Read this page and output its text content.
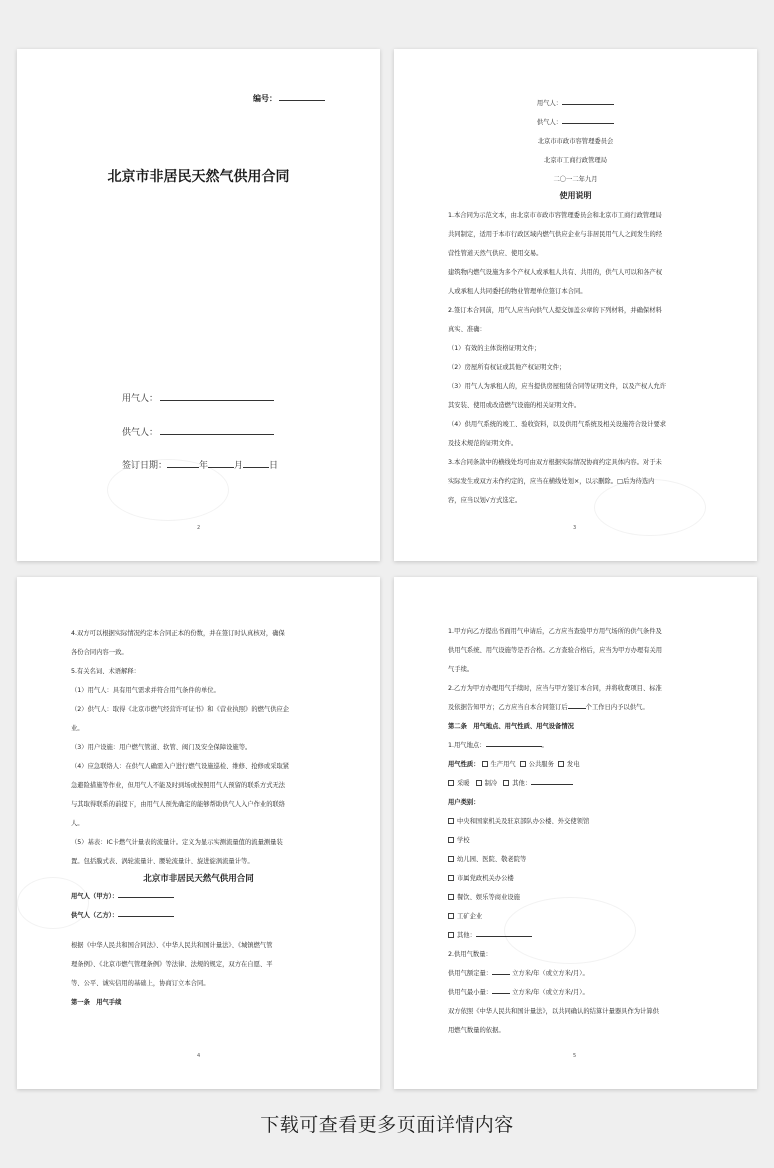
编号：
北京市非居民天然气供用合同
用气人：
供气人：
签订日期：	年	月	日
2

用气人：

供气人：

北京市市政市容管理委员会

北京市工商行政管理局

二〇一二年九月

使用说明

1.本合同为示范文本，由北京市市政市容管理委员会和北京市工商行政管理局

共同制定，适用于本市行政区域内燃气供应企业与非居民用气人之间发生的经

营性管道天然气供应、使用交易。

建筑物内燃气设施为多个产权人或承租人共有、共用的，供气人可以和各产权

人或承租人共同委托的物业管理单位签订本合同。

2.签订本合同前，用气人应当向供气人提交加盖公章的下列材料，并确保材料

真实、准确：

（1）有效的主体资格证明文件；

（2）房屋所有权证或其他产权证明文件；

（3）用气人为承租人的，应当提供房屋租赁合同等证明文件，以及产权人允许

其安装、使用或改造燃气设施的相关证明文件。

（4）供用气系统的竣工、验收资料，以及供用气系统及相关设施符合设计要求

及技术规范的证明文件。

3.本合同条款中的横线处均可由双方根据实际情况协商约定具体内容。对于未

实际发生或双方未作约定的，应当在横线处划×，以示删除。□后为待选内

容，应当以划√方式选定。

3

4.双方可以根据实际情况约定本合同正本的份数，并在签订时认真核对，确保

各份合同内容一致。

5.有关名词、术语解释：

（1）用气人：具有用气需求并符合用气条件的单位。

（2）供气人：取得《北京市燃气经营许可证书》和《营业执照》的燃气供应企

业。

（3）用户设施：用户燃气管道、软管、阀门及安全保障设施等。

（4）应急联络人：在供气人确需入户进行燃气设施巡检、维修、抢修或采取紧

急避险措施等作业，但用气人不能及时到场或按照用气人预留的联系方式无法

与其取得联系的前提下，由用气人预先确定的能够帮助供气人入户作业的联络

人。

（5）基表：IC卡燃气计量表的流量计。定义为显示实测流量值的流量测量装

置。包括膜式表、涡轮流量计、腰轮流量计、旋进旋涡流量计等。

北京市非居民天然气供用合同

用气人（甲方）：

供气人（乙方）：

根据《中华人民共和国合同法》、《中华人民共和国计量法》、《城镇燃气管

理条例》、《北京市燃气管理条例》等法律、法规的规定，双方在自愿、平

等、公平、诚实信用的基础上，协商订立本合同。

第一条　用气手续

4

1.甲方向乙方提出书面用气申请后，乙方应当查验甲方用气场所的供气条件及

供用气系统、用气设施等是否合格。乙方查验合格后，应当为甲方办理有关用

气手续。

2.乙方为甲方办理用气手续时，应当与甲方签订本合同，并将收费项目、标准

及依据告知甲方；乙方应当自本合同签订后	个工作日内予以供气。

第二条　用气地点、用气性质、用气设备情况

1.用气地点：	。

用气性质： 生产用气 公共服务 发电

采暖 制冷 其他：

用户类别：

中央和国家机关及驻京部队办公楼、外交使领馆

学校

幼儿园、医院、敬老院等

市属党政机关办公楼

餐饮、娱乐等商业设施

工矿企业

其他：

2.供用气数量：

供用气额定量：	立方米/年（或立方米/月）。

供用气最小量：	立方米/年（或立方米/月）。

双方依照《中华人民共和国计量法》，以共同确认的结算计量器具作为计算供

用燃气数量的依据。

5
下载可查看更多页面详情内容
